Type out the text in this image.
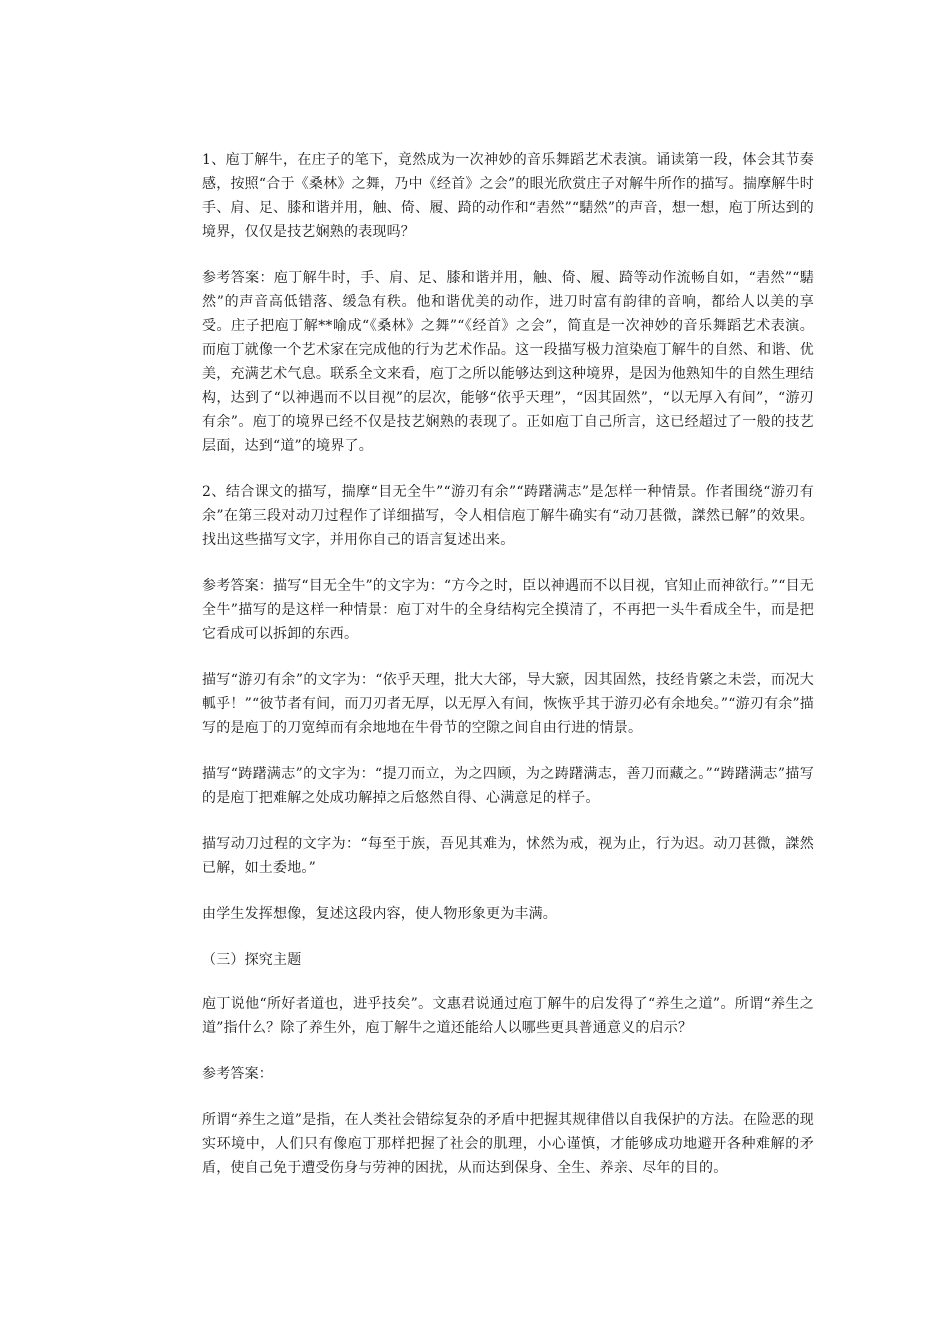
1、庖丁解牛，在庄子的笔下，竟然成为一次神妙的音乐舞蹈艺术表演。诵读第一段，体会其节奏感，按照“合于《桑林》之舞，乃中《经首》之会”的眼光欣赏庄子对解牛所作的描写。揣摩解牛时手、肩、足、膝和谐并用，触、倚、履、踦的动作和“砉然”“騞然”的声音，想一想，庖丁所达到的境界，仅仅是技艺娴熟的表现吗？

参考答案：庖丁解牛时，手、肩、足、膝和谐并用，触、倚、履、踦等动作流畅自如，“砉然”“騞然”的声音高低错落、缓急有秩。他和谐优美的动作，进刀时富有韵律的音响，都给人以美的享受。庄子把庖丁解**喻成“《桑林》之舞”“《经首》之会”，简直是一次神妙的音乐舞蹈艺术表演。而庖丁就像一个艺术家在完成他的行为艺术作品。这一段描写极力渲染庖丁解牛的自然、和谐、优美，充满艺术气息。联系全文来看，庖丁之所以能够达到这种境界，是因为他熟知牛的自然生理结构，达到了“以神遇而不以目视”的层次，能够“依乎天理”，“因其固然”，“以无厚入有间”，“游刃有余”。庖丁的境界已经不仅是技艺娴熟的表现了。正如庖丁自己所言，这已经超过了一般的技艺层面，达到“道”的境界了。

2、结合课文的描写，揣摩“目无全牛”“游刃有余”“踌躇满志”是怎样一种情景。作者围绕“游刃有余”在第三段对动刀过程作了详细描写，令人相信庖丁解牛确实有“动刀甚微，謋然已解”的效果。找出这些描写文字，并用你自己的语言复述出来。

参考答案：描写“目无全牛”的文字为：“方今之时，臣以神遇而不以目视，官知止而神欲行。”“目无全牛”描写的是这样一种情景：庖丁对牛的全身结构完全摸清了，不再把一头牛看成全牛，而是把它看成可以拆卸的东西。

描写“游刃有余”的文字为：“依乎天理，批大大郤，导大窾，因其固然，技经肯綮之未尝，而况大軱乎！”“彼节者有间，而刀刃者无厚，以无厚入有间，恢恢乎其于游刃必有余地矣。”“游刃有余”描写的是庖丁的刀宽绰而有余地地在牛骨节的空隙之间自由行进的情景。

描写“踌躇满志”的文字为：“提刀而立，为之四顾，为之踌躇满志，善刀而藏之。”“踌躇满志”描写的是庖丁把难解之处成功解掉之后悠然自得、心满意足的样子。

描写动刀过程的文字为：“每至于族，吾见其难为，怵然为戒，视为止，行为迟。动刀甚微，謋然已解，如土委地。”

由学生发挥想像，复述这段内容，使人物形象更为丰满。

（三）探究主题

庖丁说他“所好者道也，进乎技矣”。文惠君说通过庖丁解牛的启发得了“养生之道”。所谓“养生之道”指什么？除了养生外，庖丁解牛之道还能给人以哪些更具普通意义的启示？

参考答案：

所谓“养生之道”是指，在人类社会错综复杂的矛盾中把握其规律借以自我保护的方法。在险恶的现实环境中，人们只有像庖丁那样把握了社会的肌理，小心谨慎，才能够成功地避开各种难解的矛盾，使自己免于遭受伤身与劳神的困扰，从而达到保身、全生、养亲、尽年的目的。
